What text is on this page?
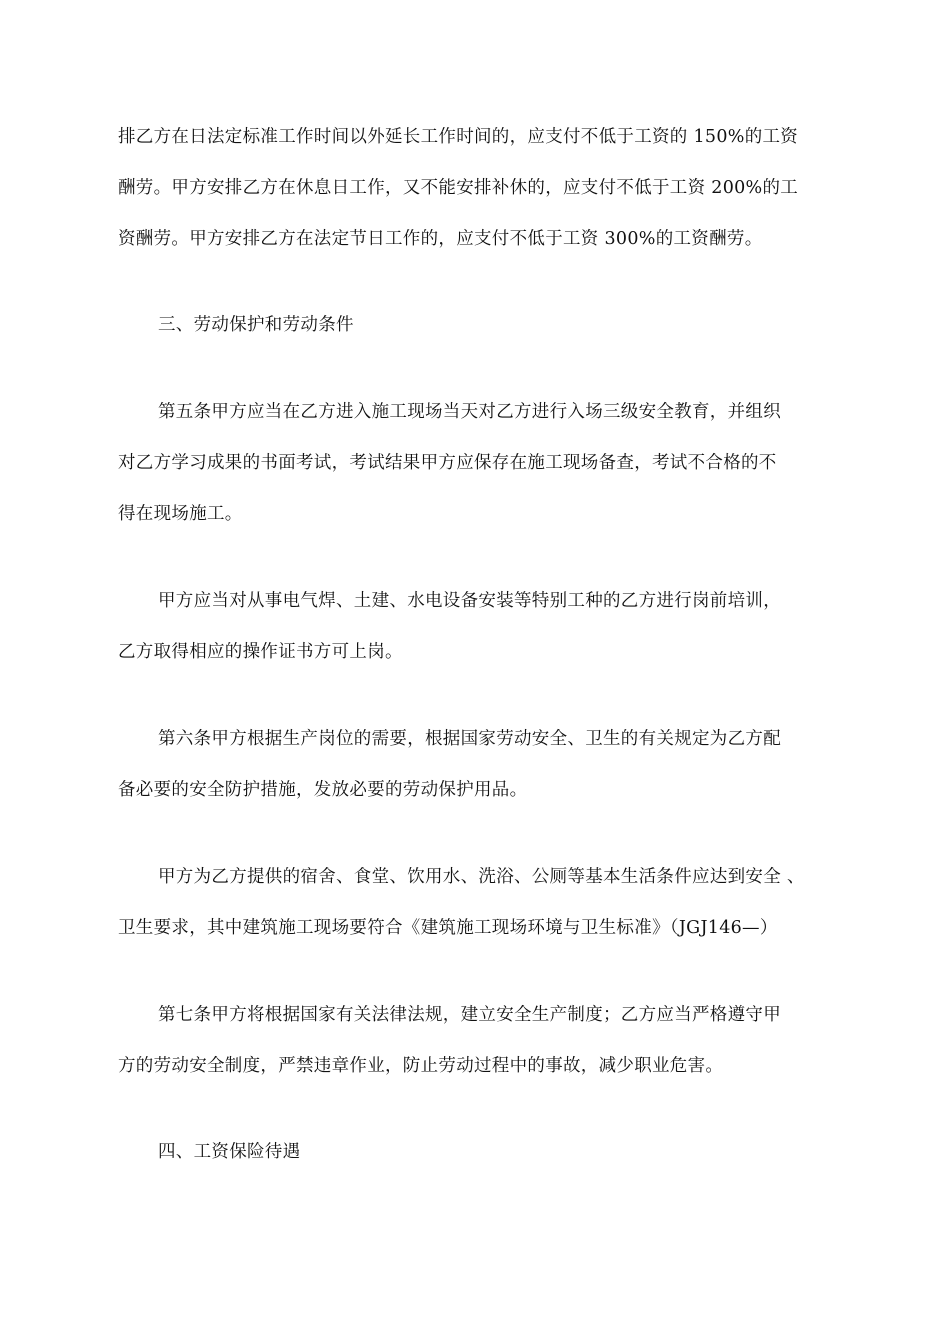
排乙方在日法定标准工作时间以外延长工作时间的，应支付不低于工资的 150%的工资

酬劳。甲方安排乙方在休息日工作，又不能安排补休的，应支付不低于工资 200%的工

资酬劳。甲方安排乙方在法定节日工作的，应支付不低于工资 300%的工资酬劳。

三、劳动保护和劳动条件

第五条甲方应当在乙方进入施工现场当天对乙方进行入场三级安全教育，并组织

对乙方学习成果的书面考试，考试结果甲方应保存在施工现场备查，考试不合格的不

得在现场施工。

甲方应当对从事电气焊、土建、水电设备安装等特别工种的乙方进行岗前培训，

乙方取得相应的操作证书方可上岗。

第六条甲方根据生产岗位的需要，根据国家劳动安全、卫生的有关规定为乙方配

备必要的安全防护措施，发放必要的劳动保护用品。

甲方为乙方提供的宿舍、食堂、饮用水、洗浴、公厕等基本生活条件应达到安全 、

卫生要求，其中建筑施工现场要符合《建筑施工现场环境与卫生标准》（JGJ146—）

第七条甲方将根据国家有关法律法规，建立安全生产制度；乙方应当严格遵守甲

方的劳动安全制度，严禁违章作业，防止劳动过程中的事故，减少职业危害。

四、工资保险待遇
